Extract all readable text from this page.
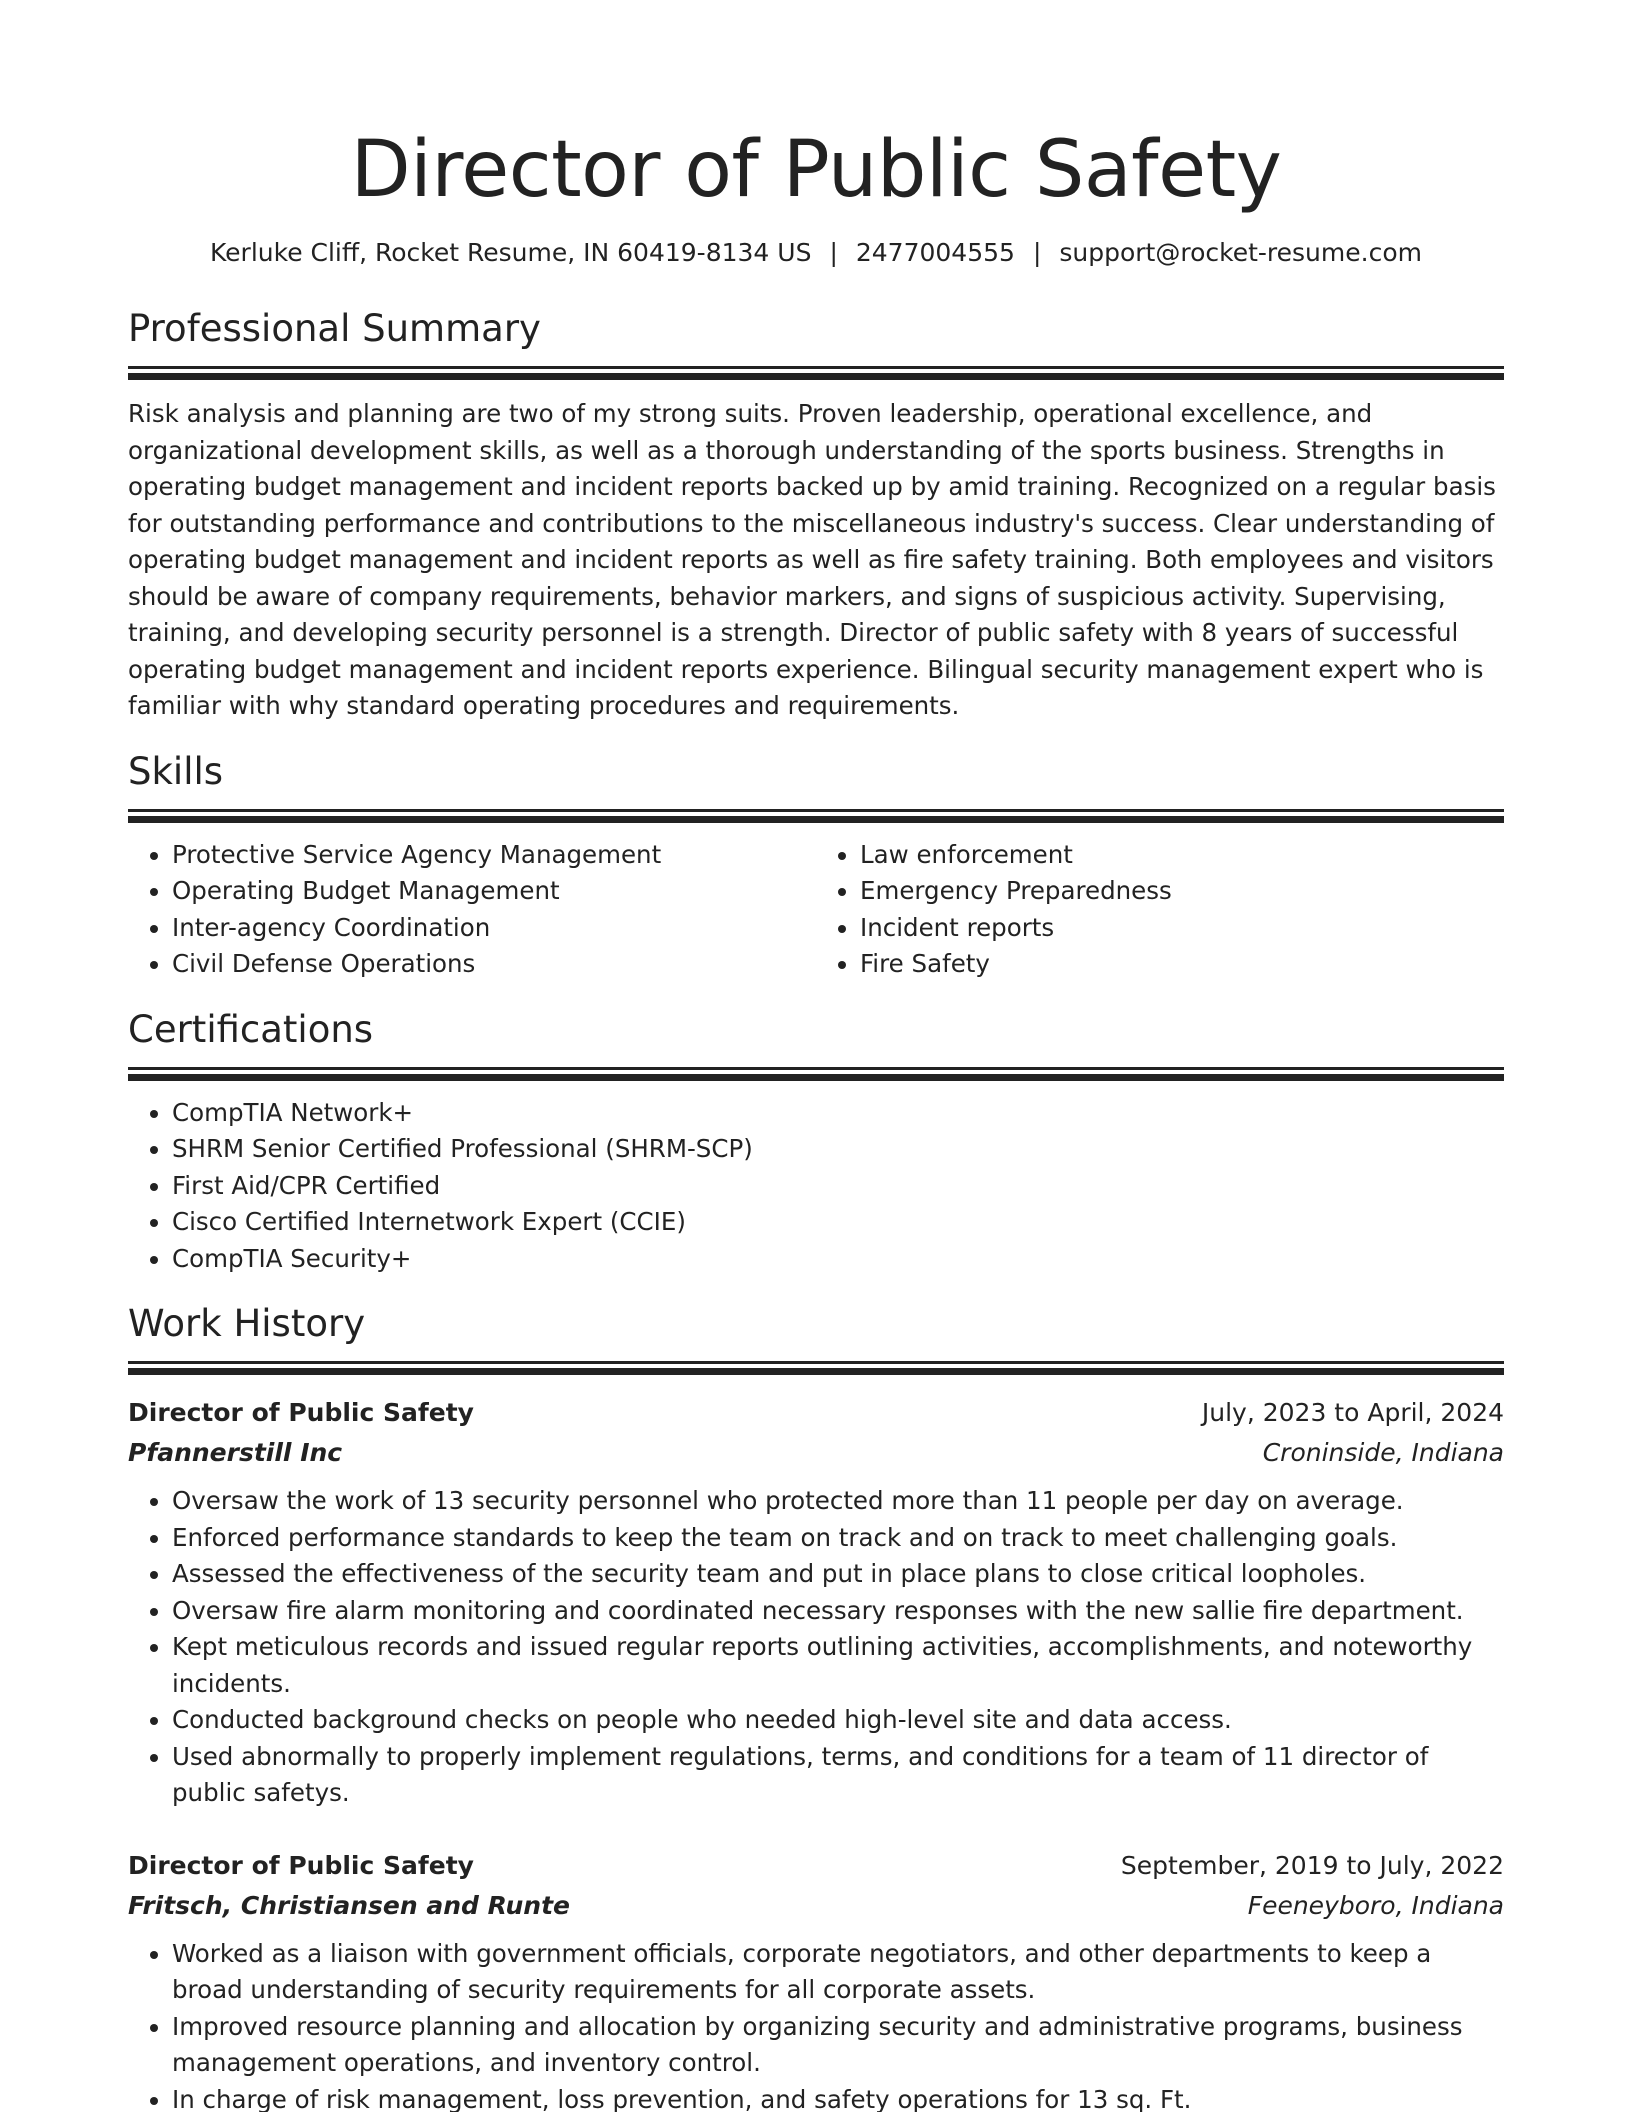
Director of Public Safety
Kerluke Cliff, Rocket Resume, IN 60419-8134 US | 2477004555 | support@rocket-resume.com
Professional Summary

Risk analysis and planning are two of my strong suits. Proven leadership, operational excellence, and organizational development skills, as well as a thorough understanding of the sports business. Strengths in operating budget management and incident reports backed up by amid training. Recognized on a regular basis for outstanding performance and contributions to the miscellaneous industry's success. Clear understanding of operating budget management and incident reports as well as fire safety training. Both employees and visitors should be aware of company requirements, behavior markers, and signs of suspicious activity. Supervising, training, and developing security personnel is a strength. Director of public safety with 8 years of successful operating budget management and incident reports experience. Bilingual security management expert who is familiar with why standard operating procedures and requirements.

Skills
• Protective Service Agency Management
• Operating Budget Management
• Inter-agency Coordination
• Civil Defense Operations
• Law enforcement
• Emergency Preparedness
• Incident reports
• Fire Safety
Certifications
• CompTIA Network+
• SHRM Senior Certified Professional (SHRM-SCP)
• First Aid/CPR Certified
• Cisco Certified Internetwork Expert (CCIE)
• CompTIA Security+
Work History
Director of Public Safety	July, 2023 to April, 2024
Pfannerstill Inc	Croninside, Indiana
• Oversaw the work of 13 security personnel who protected more than 11 people per day on average.
• Enforced performance standards to keep the team on track and on track to meet challenging goals.
• Assessed the effectiveness of the security team and put in place plans to close critical loopholes.
• Oversaw fire alarm monitoring and coordinated necessary responses with the new sallie fire department.
• Kept meticulous records and issued regular reports outlining activities, accomplishments, and noteworthy incidents.
• Conducted background checks on people who needed high-level site and data access.
• Used abnormally to properly implement regulations, terms, and conditions for a team of 11 director of public safetys.
Director of Public Safety	September, 2019 to July, 2022
Fritsch, Christiansen and Runte	Feeneyboro, Indiana
• Worked as a liaison with government officials, corporate negotiators, and other departments to keep a broad understanding of security requirements for all corporate assets.
• Improved resource planning and allocation by organizing security and administrative programs, business management operations, and inventory control.
• In charge of risk management, loss prevention, and safety operations for 13 sq. Ft.
